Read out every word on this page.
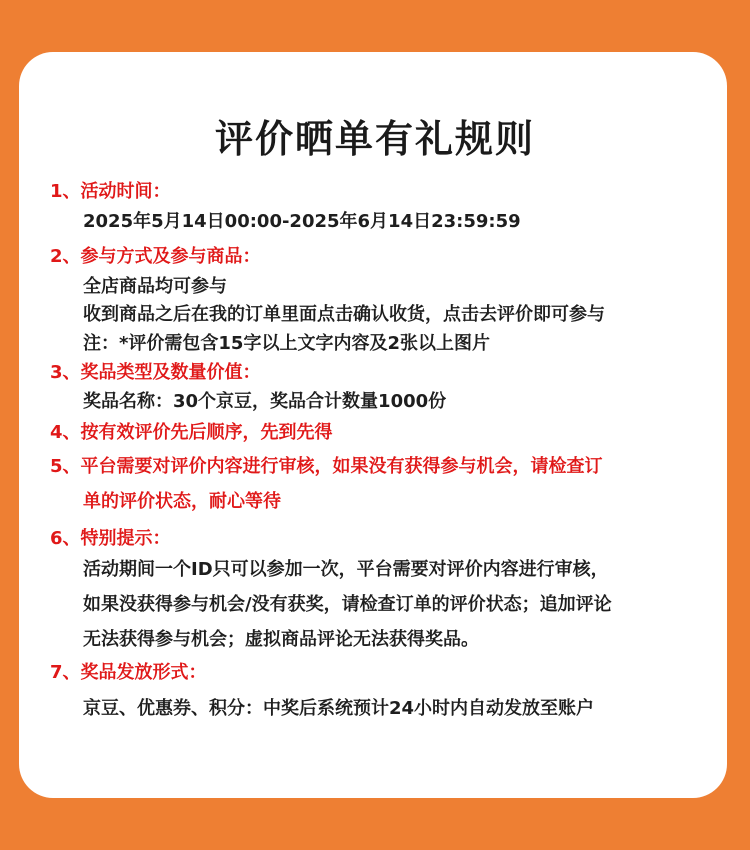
评价晒单有礼规则
1、活动时间：
2025年5月14日00:00-2025年6月14日23:59:59
2、参与方式及参与商品：
全店商品均可参与
收到商品之后在我的订单里面点击确认收货，点击去评价即可参与
注：*评价需包含15字以上文字内容及2张以上图片
3、奖品类型及数量价值：
奖品名称：30个京豆，奖品合计数量1000份
4、按有效评价先后顺序，先到先得
5、平台需要对评价内容进行审核，如果没有获得参与机会，请检查订
单的评价状态，耐心等待
6、特别提示：
活动期间一个ID只可以参加一次，平台需要对评价内容进行审核，
如果没获得参与机会/没有获奖，请检查订单的评价状态；追加评论
无法获得参与机会；虚拟商品评论无法获得奖品。
7、奖品发放形式：
京豆、优惠券、积分：中奖后系统预计24小时内自动发放至账户
